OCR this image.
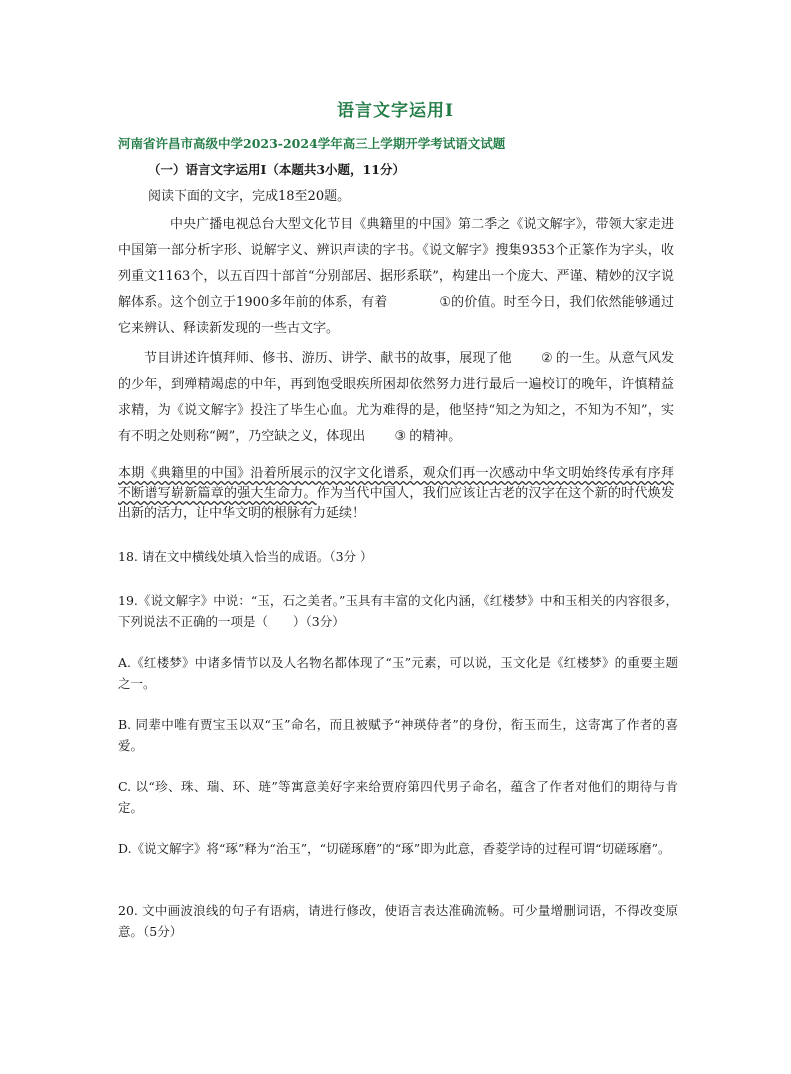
语言文字运用Ⅰ
河南省许昌市高级中学2023-2024学年高三上学期开学考试语文试题
（一）语言文字运用Ⅰ（本题共3小题，11分）
阅读下面的文字，完成18至20题。
中央广播电视总台大型文化节目《典籍里的中国》第二季之《说文解字》，带领大家走进中国第一部分析字形、说解字义、辨识声读的字书。《说文解字》搜集9353个正篆作为字头，收列重文1163个，以五百四十部首“分别部居、据形系联”，构建出一个庞大、严谨、精妙的汉字说解体系。这个创立于1900多年前的体系，有着	①的价值。时至今日，我们依然能够通过它来辨认、释读新发现的一些古文字。
节目讲述许慎拜师、修书、游历、讲学、献书的故事，展现了他 ② 的一生。从意气风发的少年，到殚精竭虑的中年，再到饱受眼疾所困却依然努力进行最后一遍校订的晚年，许慎精益求精，为《说文解字》投注了毕生心血。尤为难得的是，他坚持“知之为知之，不知为不知”，实有不明之处则称“阙”，乃空缺之义，体现出 ③ 的精神。
本期《典籍里的中国》沿着所展示的汉字文化谱系，观众们再一次感动中华文明始终传承有序拜不断谱写崭新篇章的强大生命力。作为当代中国人，我们应该让古老的汉字在这个新的时代焕发出新的活力，让中华文明的根脉有力延续！
18. 请在文中横线处填入恰当的成语。（3分 ）
19.《说文解字》中说：“玉，石之美者。”玉具有丰富的文化内涵，《红楼梦》中和玉相关的内容很多，下列说法不正确的一项是（　　）（3分）
A.《红楼梦》中诸多情节以及人名物名都体现了“玉”元素，可以说，玉文化是《红楼梦》的重要主题之一。
B. 同辈中唯有贾宝玉以双“玉”命名，而且被赋予“神瑛侍者”的身份，衔玉而生，这寄寓了作者的喜爱。
C. 以“珍、珠、瑞、环、琏”等寓意美好字来给贾府第四代男子命名，蕴含了作者对他们的期待与肯定。
D.《说文解字》将“琢”释为“治玉”，“切磋琢磨”的“琢”即为此意，香菱学诗的过程可谓“切磋琢磨”。
20. 文中画波浪线的句子有语病，请进行修改，使语言表达准确流畅。可少量增删词语，不得改变原意。（5分）
